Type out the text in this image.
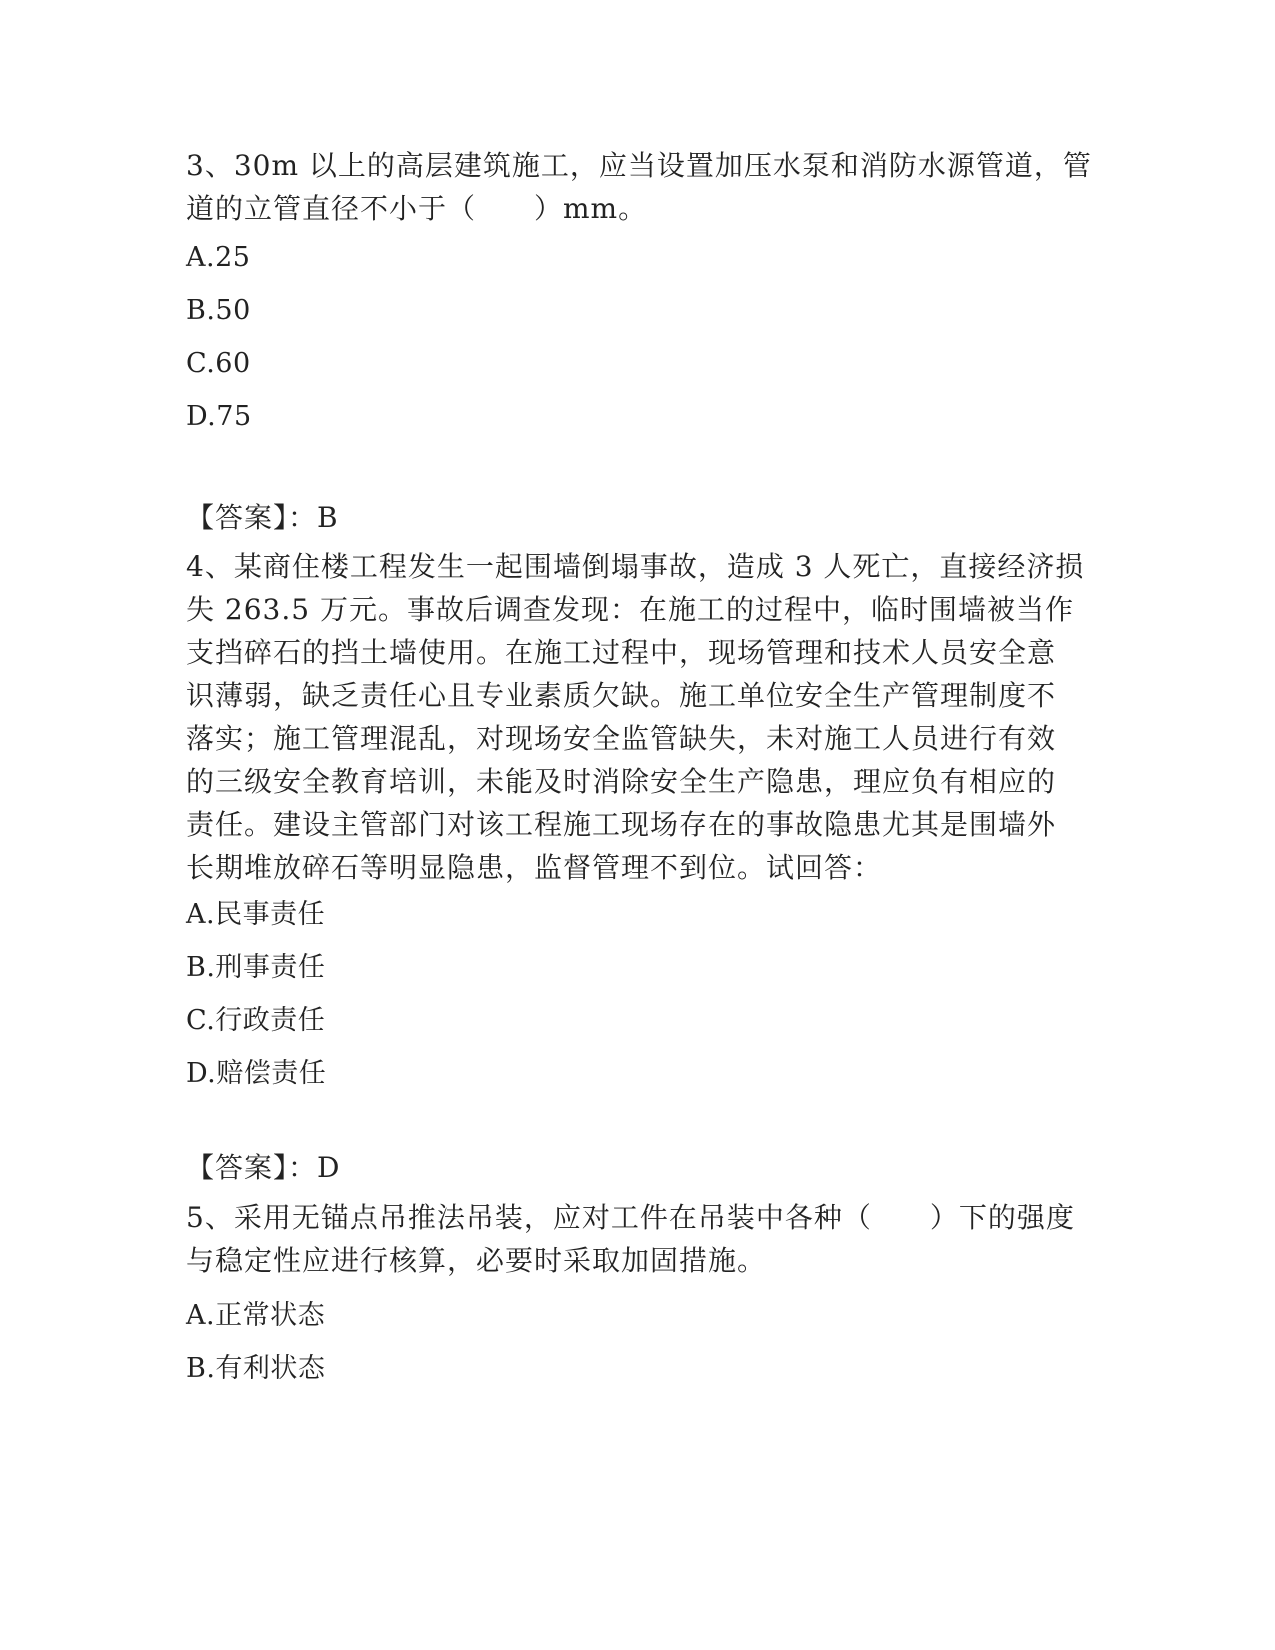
3、30m 以上的高层建筑施工，应当设置加压水泵和消防水源管道，管
道的立管直径不小于（　　）mm。
A.25
B.50
C.60
D.75
【答案】：B
4、某商住楼工程发生一起围墙倒塌事故，造成 3 人死亡，直接经济损
失 263.5 万元。事故后调查发现：在施工的过程中，临时围墙被当作
支挡碎石的挡土墙使用。在施工过程中，现场管理和技术人员安全意
识薄弱，缺乏责任心且专业素质欠缺。施工单位安全生产管理制度不
落实；施工管理混乱，对现场安全监管缺失，未对施工人员进行有效
的三级安全教育培训，未能及时消除安全生产隐患，理应负有相应的
责任。建设主管部门对该工程施工现场存在的事故隐患尤其是围墙外
长期堆放碎石等明显隐患，监督管理不到位。试回答：
A.民事责任
B.刑事责任
C.行政责任
D.赔偿责任
【答案】：D
5、采用无锚点吊推法吊装，应对工件在吊装中各种（　　）下的强度
与稳定性应进行核算，必要时采取加固措施。
A.正常状态
B.有利状态
